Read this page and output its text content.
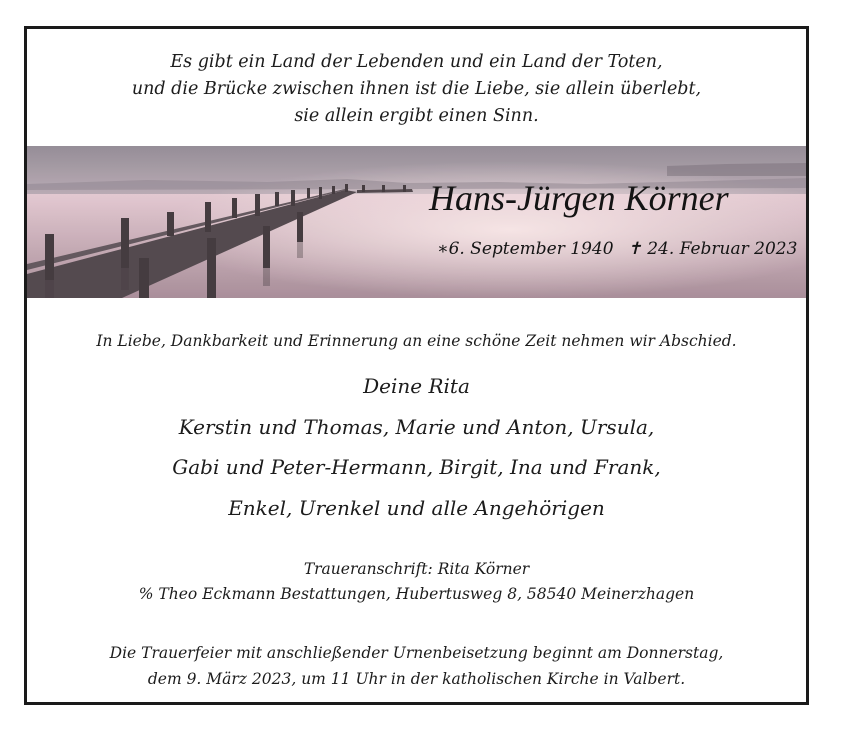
Es gibt ein Land der Lebenden und ein Land der Toten,
und die Brücke zwischen ihnen ist die Liebe, sie allein überlebt,
sie allein ergibt einen Sinn.
Hans-Jürgen Körner
∗6. September 1940 ✝ 24. Februar 2023
In Liebe, Dankbarkeit und Erinnerung an eine schöne Zeit nehmen wir Abschied.
Deine Rita
Kerstin und Thomas, Marie und Anton, Ursula,
Gabi und Peter-Hermann, Birgit, Ina und Frank,
Enkel, Urenkel und alle Angehörigen
Traueranschrift: Rita Körner
% Theo Eckmann Bestattungen, Hubertusweg 8, 58540 Meinerzhagen
Die Trauerfeier mit anschließender Urnenbeisetzung beginnt am Donnerstag,
dem 9. März 2023, um 11 Uhr in der katholischen Kirche in Valbert.
